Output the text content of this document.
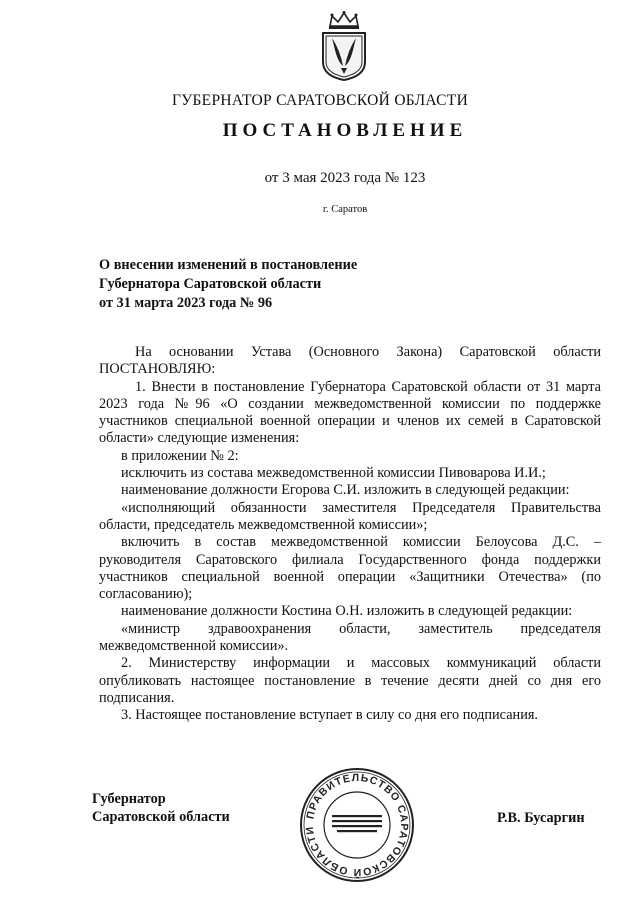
ГУБЕРНАТОР САРАТОВСКОЙ ОБЛАСТИ
ПОСТАНОВЛЕНИЕ
от 3 мая 2023 года № 123
г. Саратов
О внесении изменений в постановление
Губернатора Саратовской области
от 31 марта 2023 года № 96

На основании Устава (Основного Закона) Саратовской области ПОСТАНОВЛЯЮ:

1. Внести в постановление Губернатора Саратовской области от 31 марта 2023 года №96 «О создании межведомственной комиссии по поддержке участников специальной военной операции и членов их семей в Саратовской области» следующие изменения:

в приложении № 2:

исключить из состава межведомственной комиссии Пивоварова И.И.;

наименование должности Егорова С.И. изложить в следующей редакции:

«исполняющий обязанности заместителя Председателя Правительства области, председатель межведомственной комиссии»;

включить в состав межведомственной комиссии Белоусова Д.С. – руководителя Саратовского филиала Государственного фонда поддержки участников специальной военной операции «Защитники Отечества» (по согласованию);

наименование должности Костина О.Н. изложить в следующей редакции:

«министр здравоохранения области, заместитель председателя межведомственной комиссии».

2. Министерству информации и массовых коммуникаций области опубликовать настоящее постановление в течение десяти дней со дня его подписания.

3. Настоящее постановление вступает в силу со дня его подписания.

Губернатор
Саратовской области	ПРАВИТЕЛЬСТВО САРАТОВСКОЙ ОБЛАСТИ
Р.В. Бусаргин
